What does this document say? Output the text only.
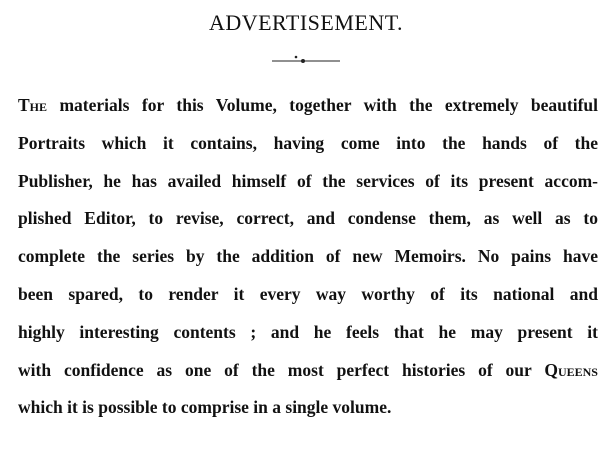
ADVERTISEMENT.
The materials for this Volume, together with the extremely beautiful
Portraits which it contains, having come into the hands of the
Publisher, he has availed himself of the services of its present accom-
plished Editor, to revise, correct, and condense them, as well as to
complete the series by the addition of new Memoirs. No pains have
been spared, to render it every way worthy of its national and
highly interesting contents ; and he feels that he may present it
with confidence as one of the most perfect histories of our Queens
which it is possible to comprise in a single volume.
